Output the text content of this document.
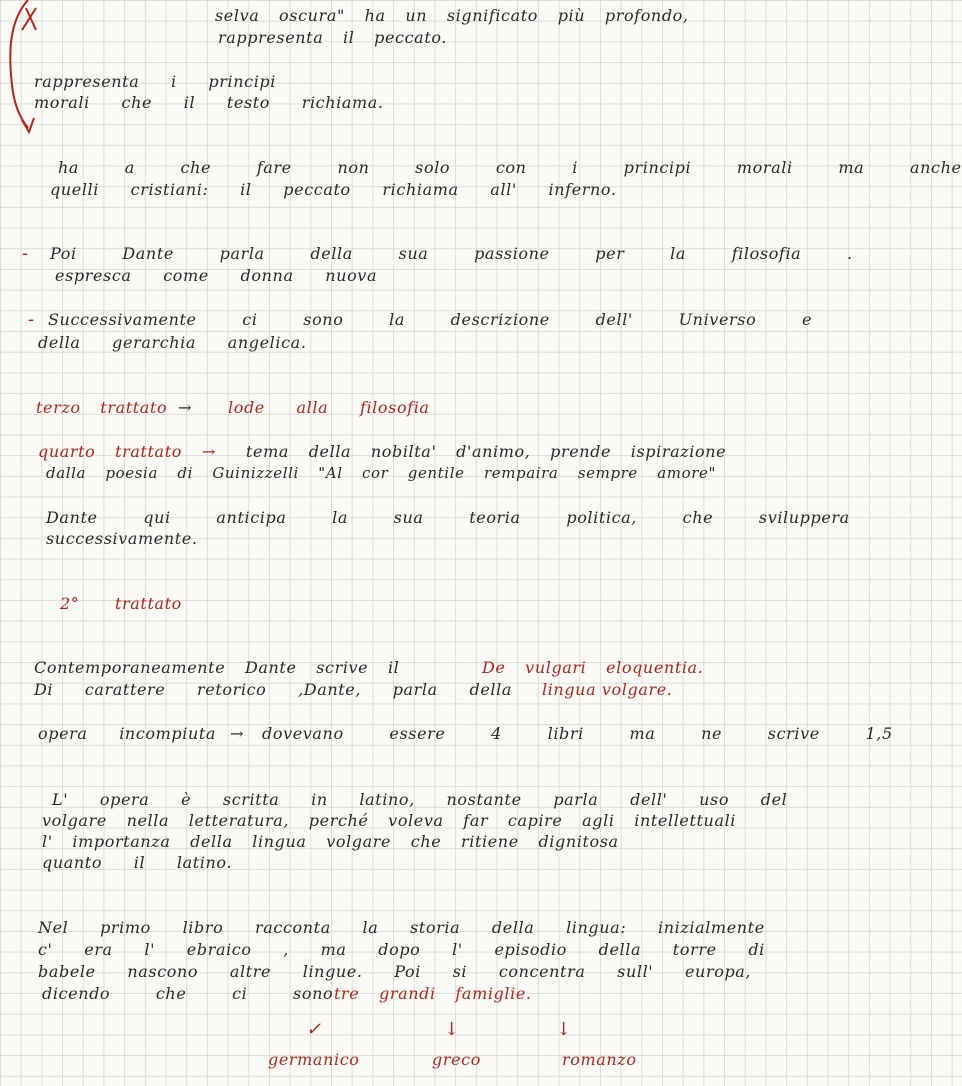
selva oscura" ha un significato più profondo,
rappresenta il peccato.
rappresenta i principi
morali che il testo richiama.
ha a che fare non solo con i principi morali ma anche
quelli cristiani: il peccato richiama all' inferno.
- Poi Dante parla della sua passione per la filosofia .
espresca come donna nuova
- Successivamente ci sono la descrizione dell' Universo e
della gerarchia angelica.
terzo trattato → lode alla filosofia
quarto trattato → tema della nobilta' d'animo, prende ispirazione
dalla poesia di Guinizzelli "Al cor gentile rempaira sempre amore"
Dante qui anticipa la sua teoria politica, che sviluppera
successivamente.
2° trattato
Contemporaneamente Dante scrive il	De vulgari eloquentia.
Di carattere retorico ,Dante, parla della lingua volgare.
opera incompiuta → dovevano essere 4 libri ma ne scrive 1,5
L' opera è scritta in latino, nostante parla dell' uso del
volgare nella letteratura, perché voleva far capire agli intellettuali
l' importanza della lingua volgare che ritiene dignitosa
quanto il latino.
Nel primo libro racconta la storia della lingua: inizialmente
c' era l' ebraico , ma dopo l' episodio della torre di
babele nascono altre lingue. Poi si concentra sull' europa,
dicendo che ci sono tre grandi famiglie.
✓	↓	↓
germanico	greco	romanzo
